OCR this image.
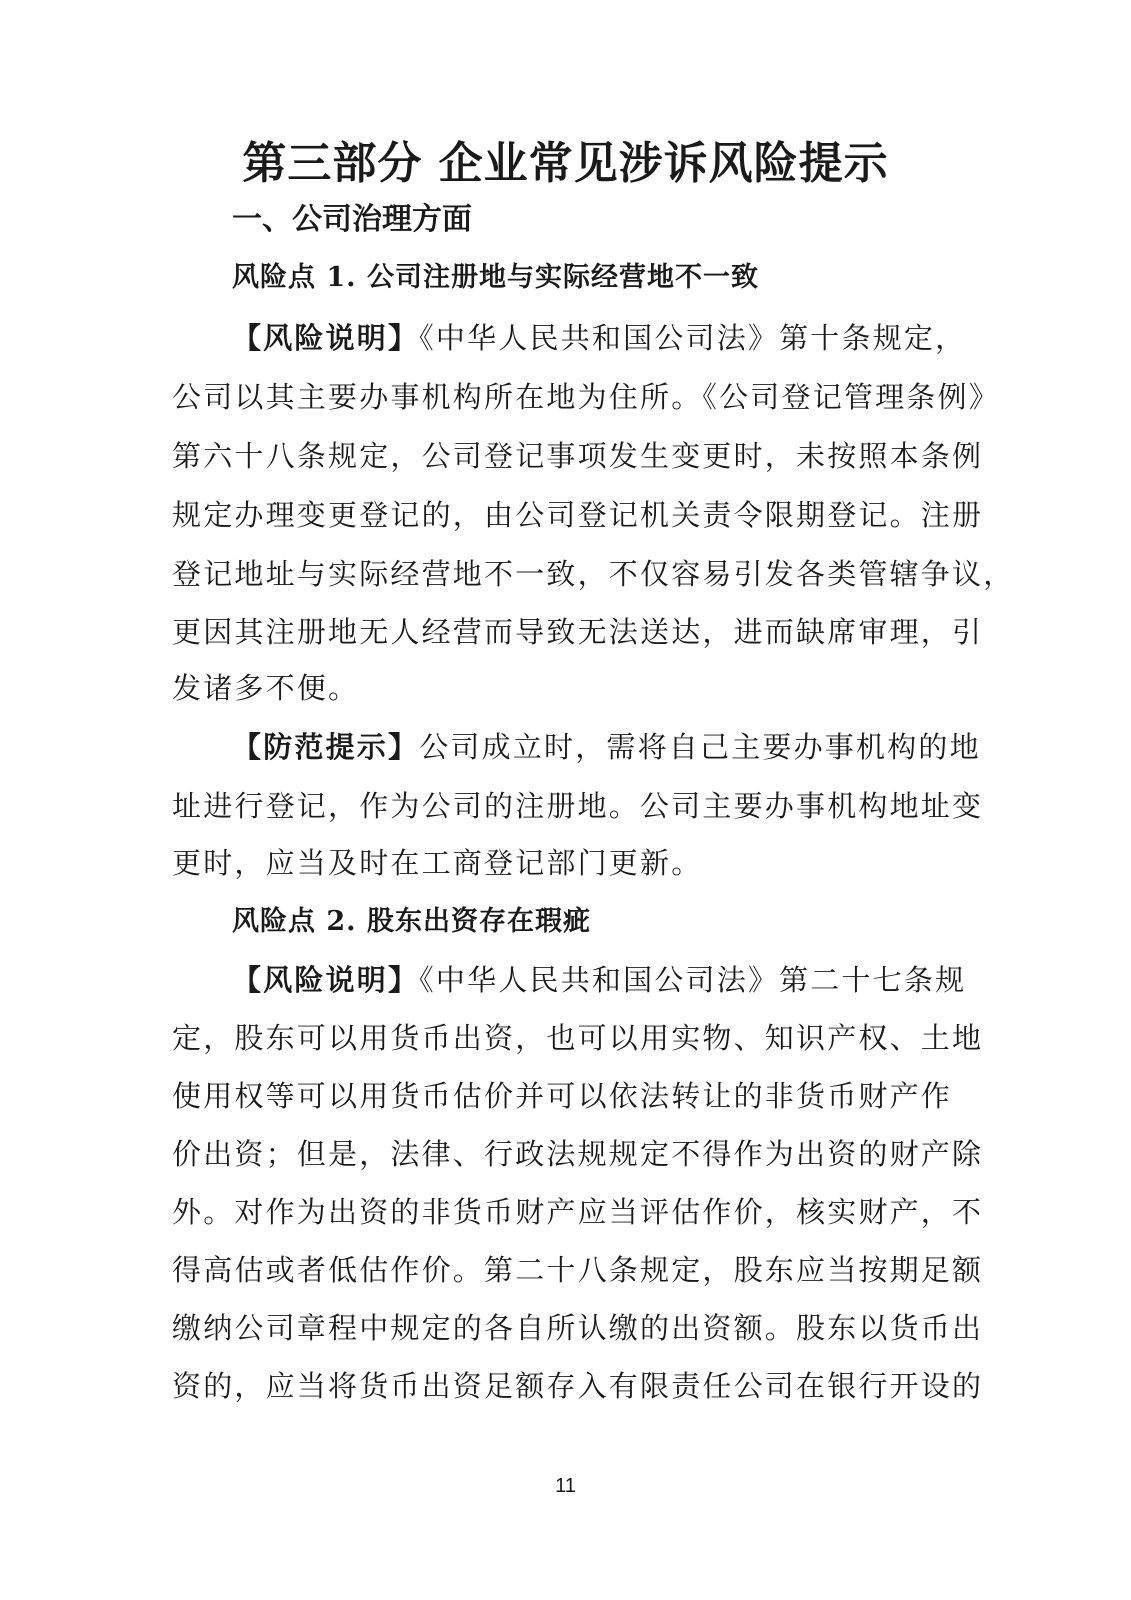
第三部分 企业常见涉诉风险提示
一、公司治理方面
风险点 1. 公司注册地与实际经营地不一致
【风险说明】《中华人民共和国公司法》第十条规定，
公司以其主要办事机构所在地为住所。《公司登记管理条例》
第六十八条规定，公司登记事项发生变更时，未按照本条例
规定办理变更登记的，由公司登记机关责令限期登记。注册
登记地址与实际经营地不一致，不仅容易引发各类管辖争议，
更因其注册地无人经营而导致无法送达，进而缺席审理，引
发诸多不便。
【防范提示】公司成立时，需将自己主要办事机构的地
址进行登记，作为公司的注册地。公司主要办事机构地址变
更时，应当及时在工商登记部门更新。
风险点 2. 股东出资存在瑕疵
【风险说明】《中华人民共和国公司法》第二十七条规
定，股东可以用货币出资，也可以用实物、知识产权、土地
使用权等可以用货币估价并可以依法转让的非货币财产作
价出资；但是，法律、行政法规规定不得作为出资的财产除
外。对作为出资的非货币财产应当评估作价，核实财产，不
得高估或者低估作价。第二十八条规定，股东应当按期足额
缴纳公司章程中规定的各自所认缴的出资额。股东以货币出
资的，应当将货币出资足额存入有限责任公司在银行开设的
11
